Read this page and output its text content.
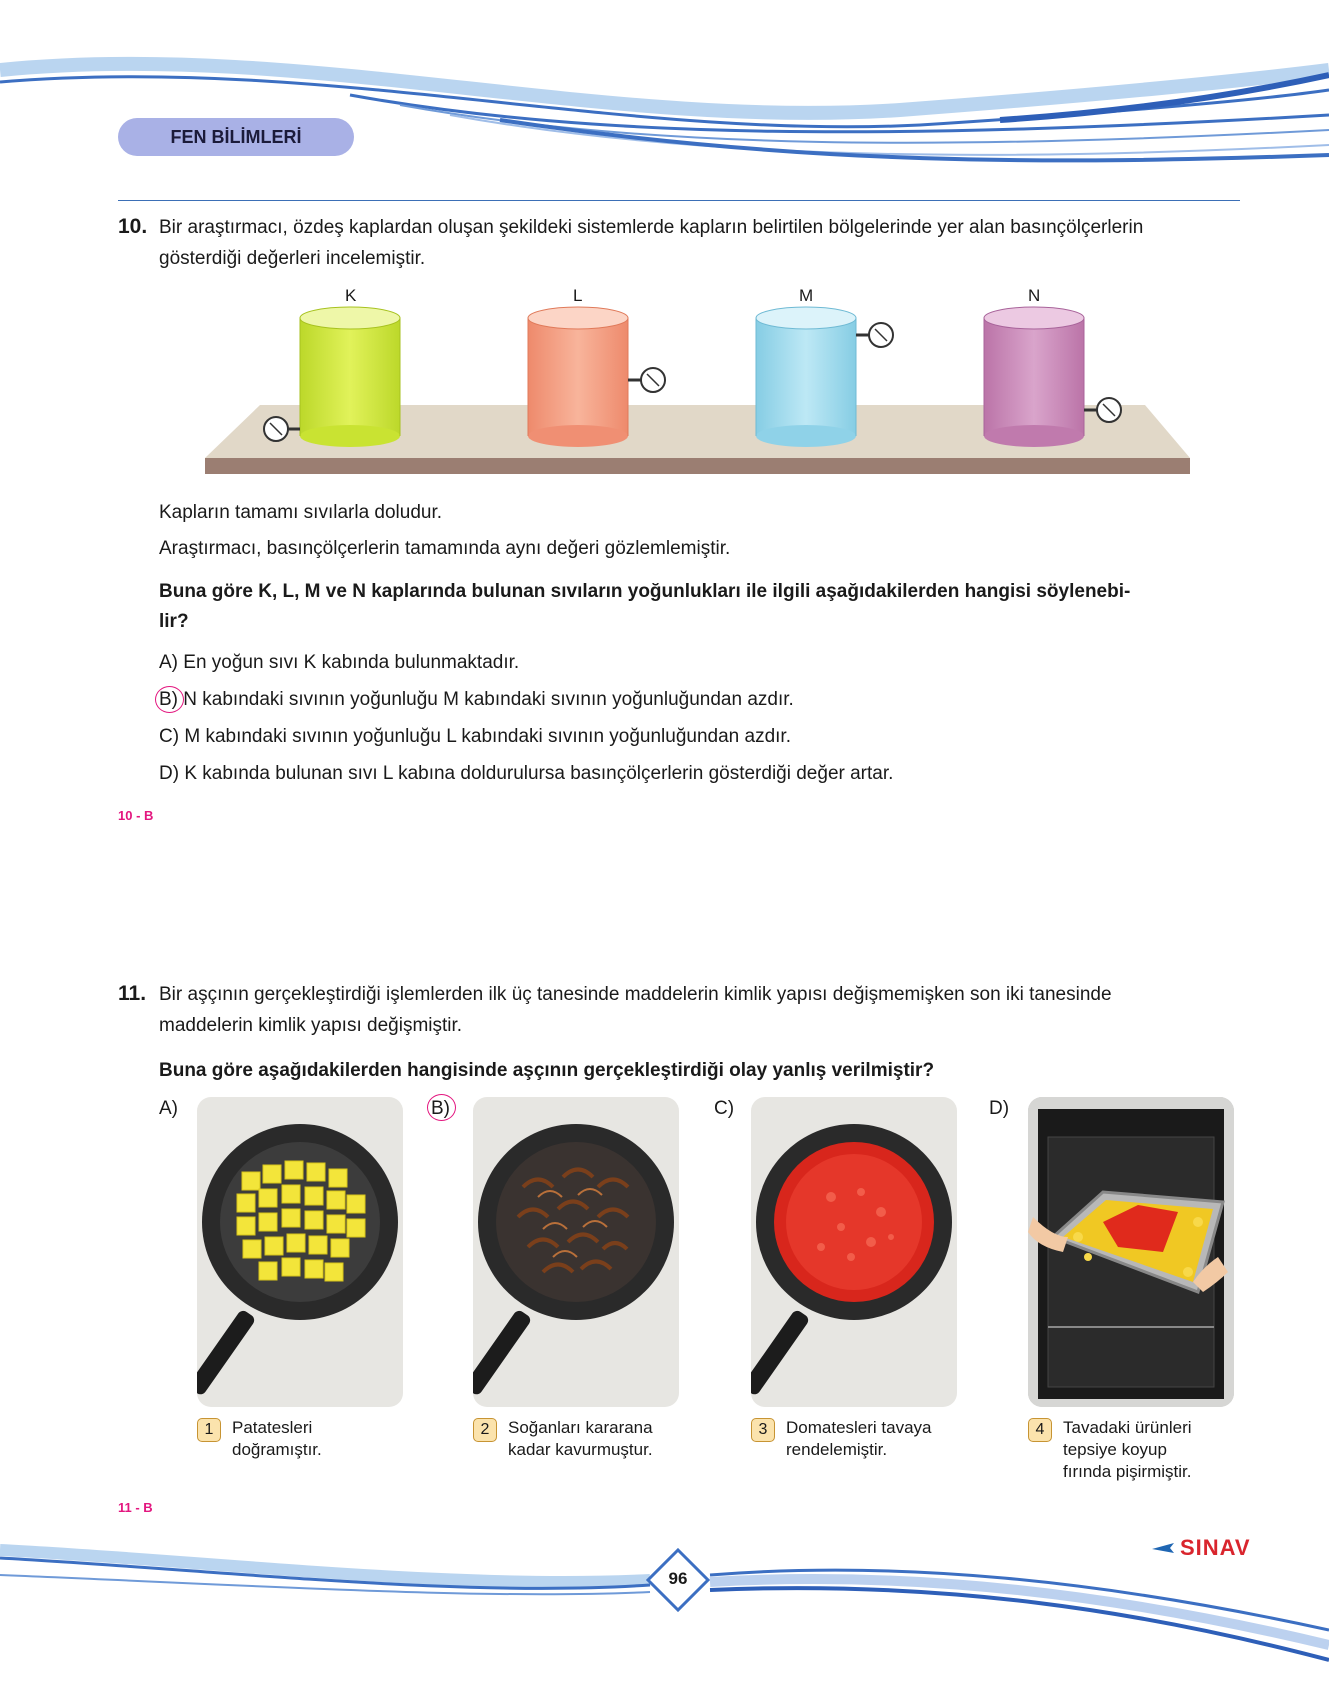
FEN BİLİMLERİ
10. Bir araştırmacı, özdeş kaplardan oluşan şekildeki sistemlerde kapların belirtilen bölgelerinde yer alan basınçölçerlerin
gösterdiği değerleri incelemiştir.
K	L	M	N
Kapların tamamı sıvılarla doludur.
Araştırmacı, basınçölçerlerin tamamında aynı değeri gözlemlemiştir.
Buna göre K, L, M ve N kaplarında bulunan sıvıların yoğunlukları ile ilgili aşağıdakilerden hangisi söylenebi-
lir?
A) En yoğun sıvı K kabında bulunmaktadır.
B) N kabındaki sıvının yoğunluğu M kabındaki sıvının yoğunluğundan azdır.
C) M kabındaki sıvının yoğunluğu L kabındaki sıvının yoğunluğundan azdır.
D) K kabında bulunan sıvı L kabına doldurulursa basınçölçerlerin gösterdiği değer artar.
10 - B
11. Bir aşçının gerçekleştirdiği işlemlerden ilk üç tanesinde maddelerin kimlik yapısı değişmemişken son iki tanesinde
maddelerin kimlik yapısı değişmiştir.
Buna göre aşağıdakilerden hangisinde aşçının gerçekleştirdiği olay yanlış verilmiştir?
A)
1	Patatesleri
doğramıştır.
B)
2	Soğanları kararana
kadar kavurmuştur.
C)
3	Domatesleri tavaya
rendelemiştir.
D)
4	Tavadaki ürünleri
tepsiye koyup
fırında pişirmiştir.
11 - B
96
SINAV
